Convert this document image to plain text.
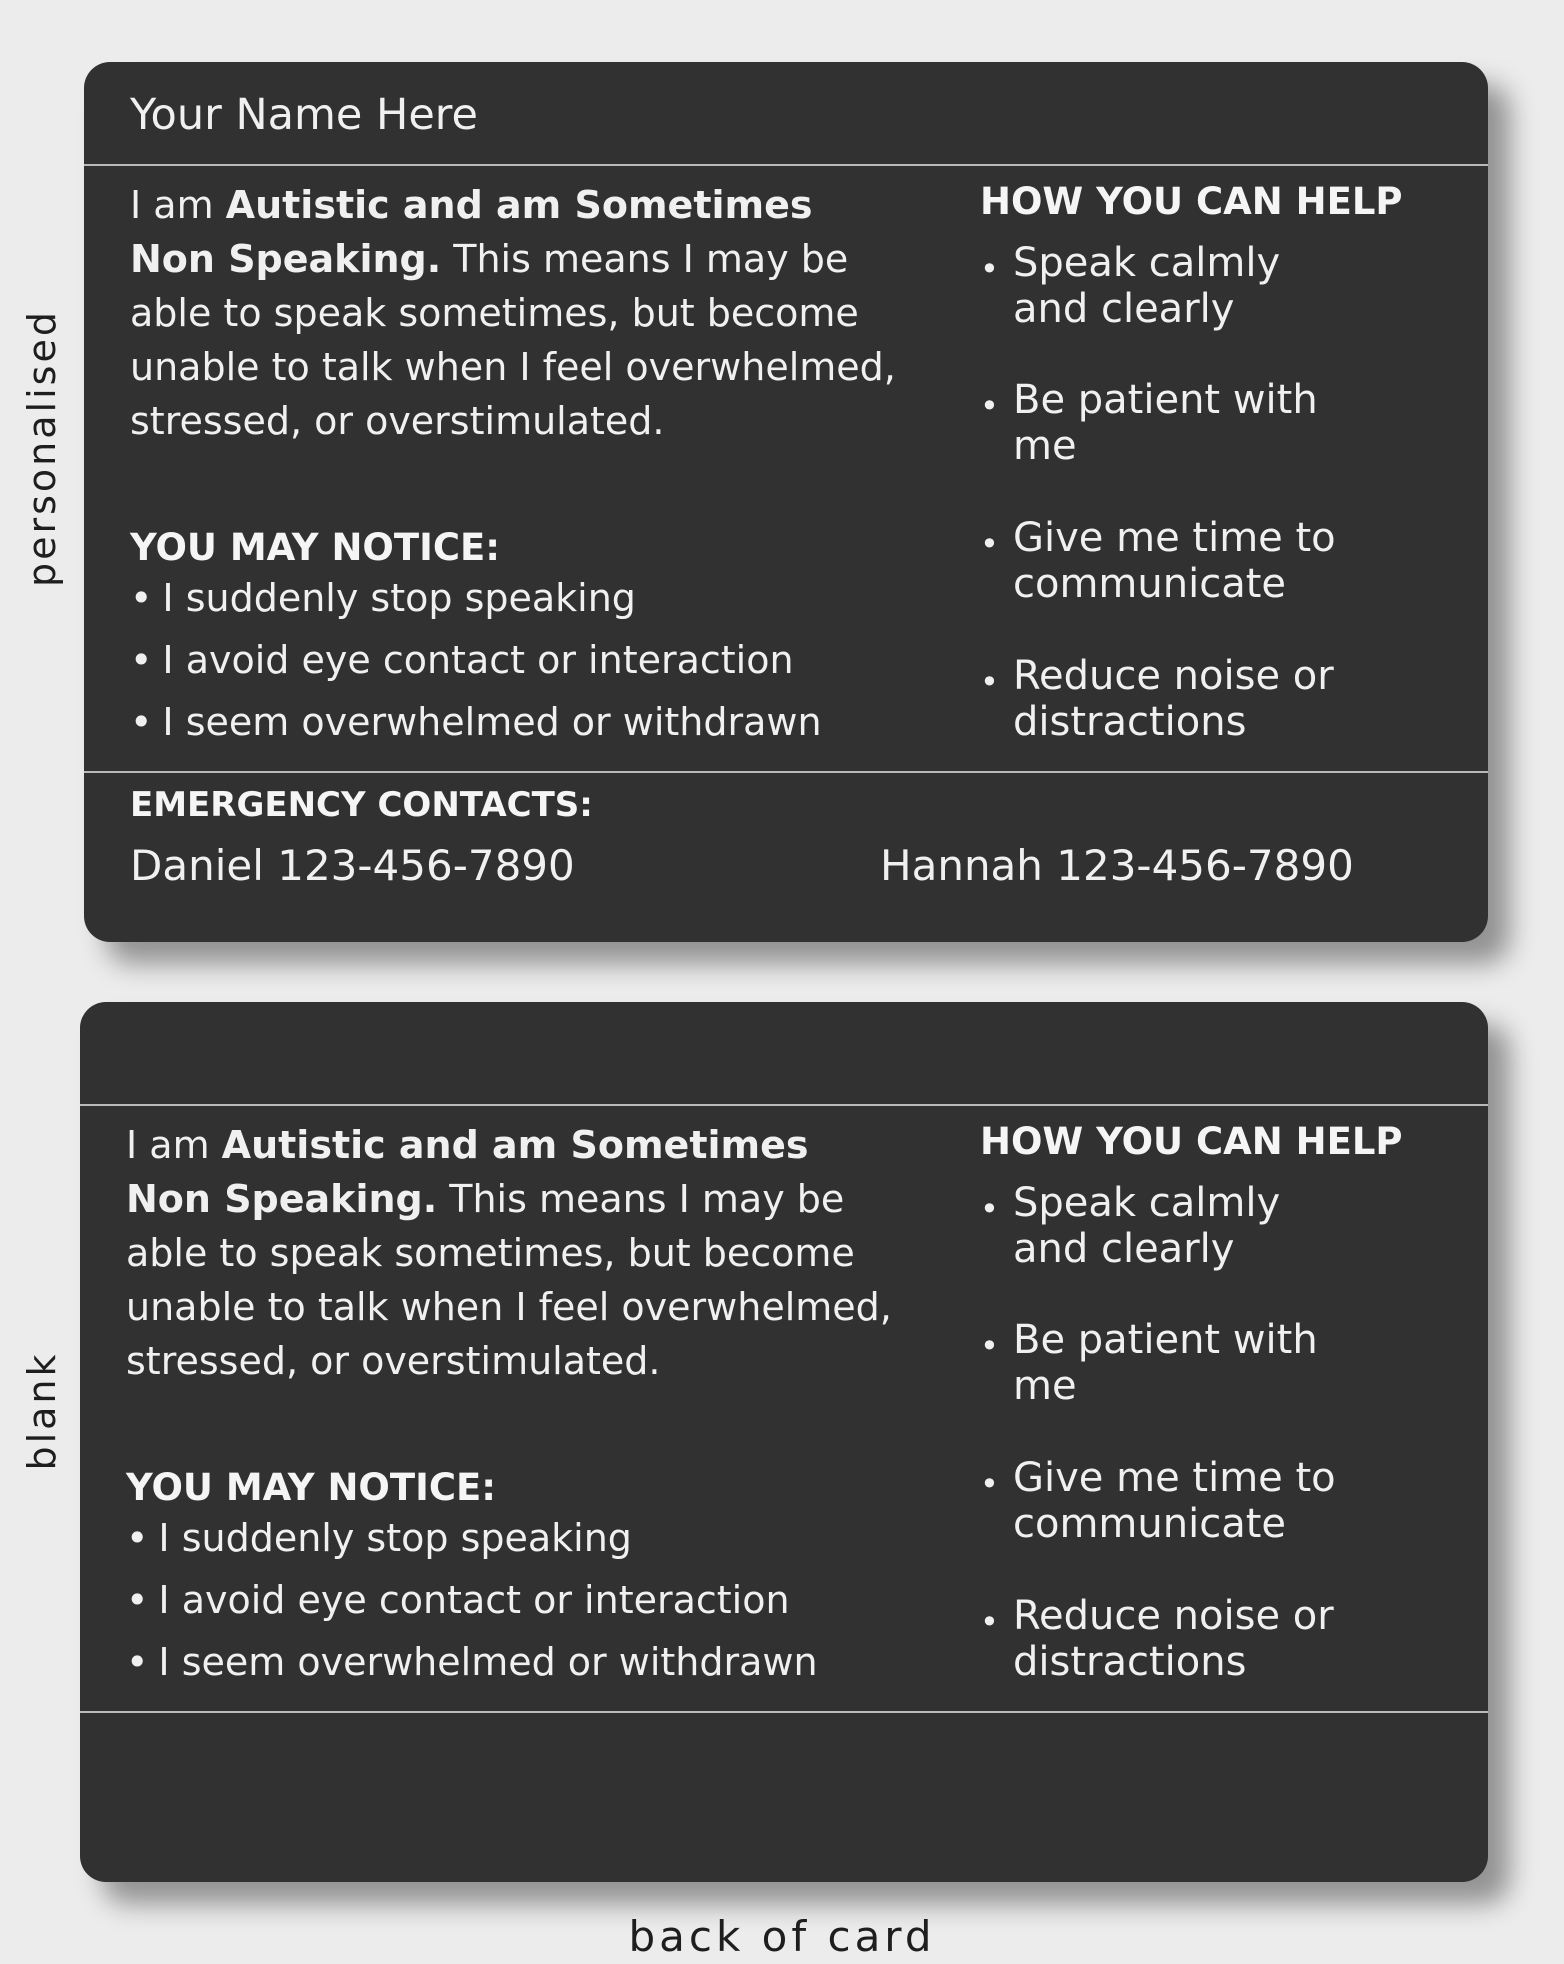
personalised
blank
Your Name Here
I am Autistic and am Sometimes Non Speaking. This means I may be able to speak sometimes, but become unable to talk when I feel overwhelmed, stressed, or overstimulated.
YOU MAY NOTICE:
• I suddenly stop speaking
• I avoid eye contact or interaction
• I seem overwhelmed or withdrawn
HOW YOU CAN HELP
• Speak calmly and clearly
• Be patient with me
• Give me time to communicate
• Reduce noise or distractions
EMERGENCY CONTACTS:
Daniel 123-456-7890	Hannah 123-456-7890
I am Autistic and am Sometimes Non Speaking. This means I may be able to speak sometimes, but become unable to talk when I feel overwhelmed, stressed, or overstimulated.
YOU MAY NOTICE:
• I suddenly stop speaking
• I avoid eye contact or interaction
• I seem overwhelmed or withdrawn
HOW YOU CAN HELP
• Speak calmly and clearly
• Be patient with me
• Give me time to communicate
• Reduce noise or distractions
back of card
